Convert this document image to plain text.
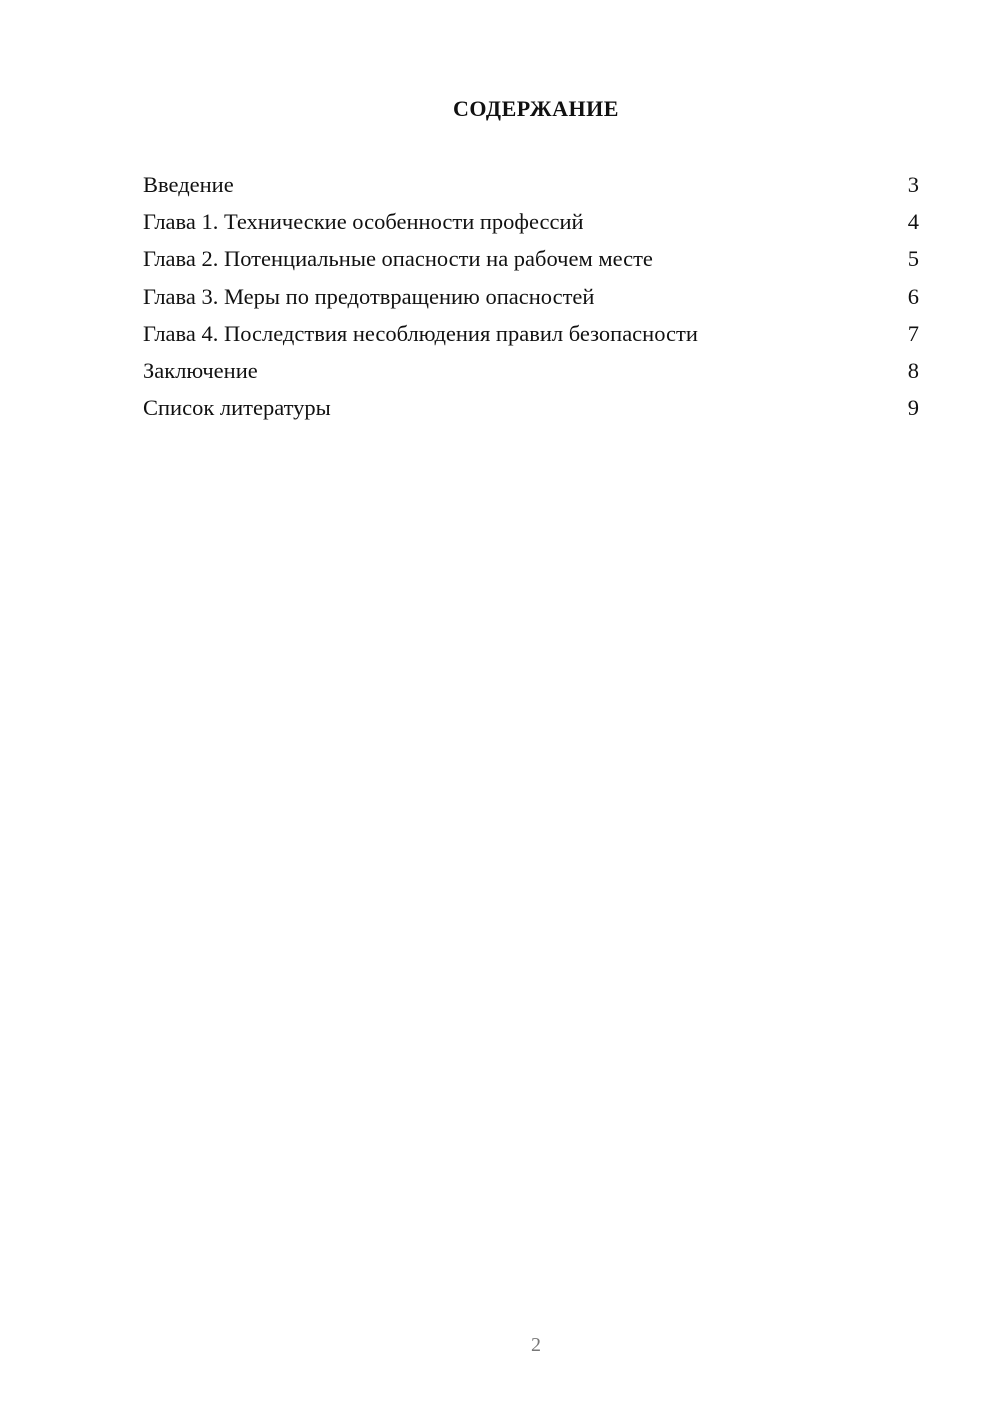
СОДЕРЖАНИЕ
Введение	3
Глава 1. Технические особенности профессий	4
Глава 2. Потенциальные опасности на рабочем месте	5
Глава 3. Меры по предотвращению опасностей	6
Глава 4. Последствия несоблюдения правил безопасности	7
Заключение	8
Список литературы	9
2
